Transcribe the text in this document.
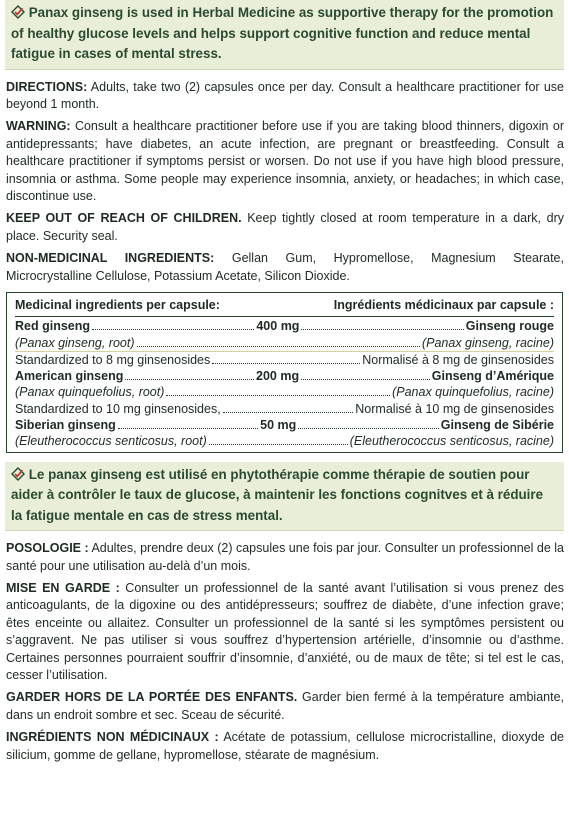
Panax ginseng is used in Herbal Medicine as supportive therapy for the promotion of healthy glucose levels and helps support cognitive function and reduce mental fatigue in cases of mental stress.

DIRECTIONS: Adults, take two (2) capsules once per day. Consult a healthcare practitioner for use beyond 1 month.

WARNING: Consult a healthcare practitioner before use if you are taking blood thinners, digoxin or antidepressants; have diabetes, an acute infection, are pregnant or breastfeeding. Consult a healthcare practitioner if symptoms persist or worsen. Do not use if you have high blood pressure, insomnia or asthma. Some people may experience insomnia, anxiety, or headaches; in which case, discontinue use.

KEEP OUT OF REACH OF CHILDREN. Keep tightly closed at room temperature in a dark, dry place. Security seal.

NON-MEDICINAL INGREDIENTS: Gellan Gum, Hypromellose, Magnesium Stearate, Microcrystalline Cellulose, Potassium Acetate, Silicon Dioxide.

Medicinal ingredients per capsule:	Ingrédients médicinaux par capsule :
Red ginseng	400 mg	Ginseng rouge
(Panax ginseng, root)	(Panax ginseng, racine)
Standardized to 8 mg ginsenosides	Normalisé à 8 mg de ginsenosides
American ginseng	200 mg	Ginseng d’Amérique
(Panax quinquefolius, root)	(Panax quinquefolius, racine)
Standardized to 10 mg ginsenosides,	Normalisé à 10 mg de ginsenosides
Siberian ginseng	50 mg	Ginseng de Sibérie
(Eleutherococcus senticosus, root)	(Eleutherococcus senticosus, racine)
Le panax ginseng est utilisé en phytothérapie comme thérapie de soutien pour aider à contrôler le taux de glucose, à maintenir les fonctions cognitves et à réduire la fatigue mentale en cas de stress mental.

POSOLOGIE : Adultes, prendre deux (2) capsules une fois par jour. Consulter un professionnel de la santé pour une utilisation au-delà d’un mois.

MISE EN GARDE : Consulter un professionnel de la santé avant l’utilisation si vous prenez des anticoagulants, de la digoxine ou des antidépresseurs; souffrez de diabète, d’une infection grave; êtes enceinte ou allaitez. Consulter un professionnel de la santé si les symptômes persistent ou s’aggravent. Ne pas utiliser si vous souffrez d’hypertension artérielle, d’insomnie ou d’asthme. Certaines personnes pourraient souffrir d’insomnie, d’anxiété, ou de maux de tête; si tel est le cas, cesser l’utilisation.

GARDER HORS DE LA PORTÉE DES ENFANTS. Garder bien fermé à la température ambiante, dans un endroit sombre et sec. Sceau de sécurité.

INGRÉDIENTS NON MÉDICINAUX : Acétate de potassium, cellulose microcristalline, dioxyde de silicium, gomme de gellane, hypromellose, stéarate de magnésium.
